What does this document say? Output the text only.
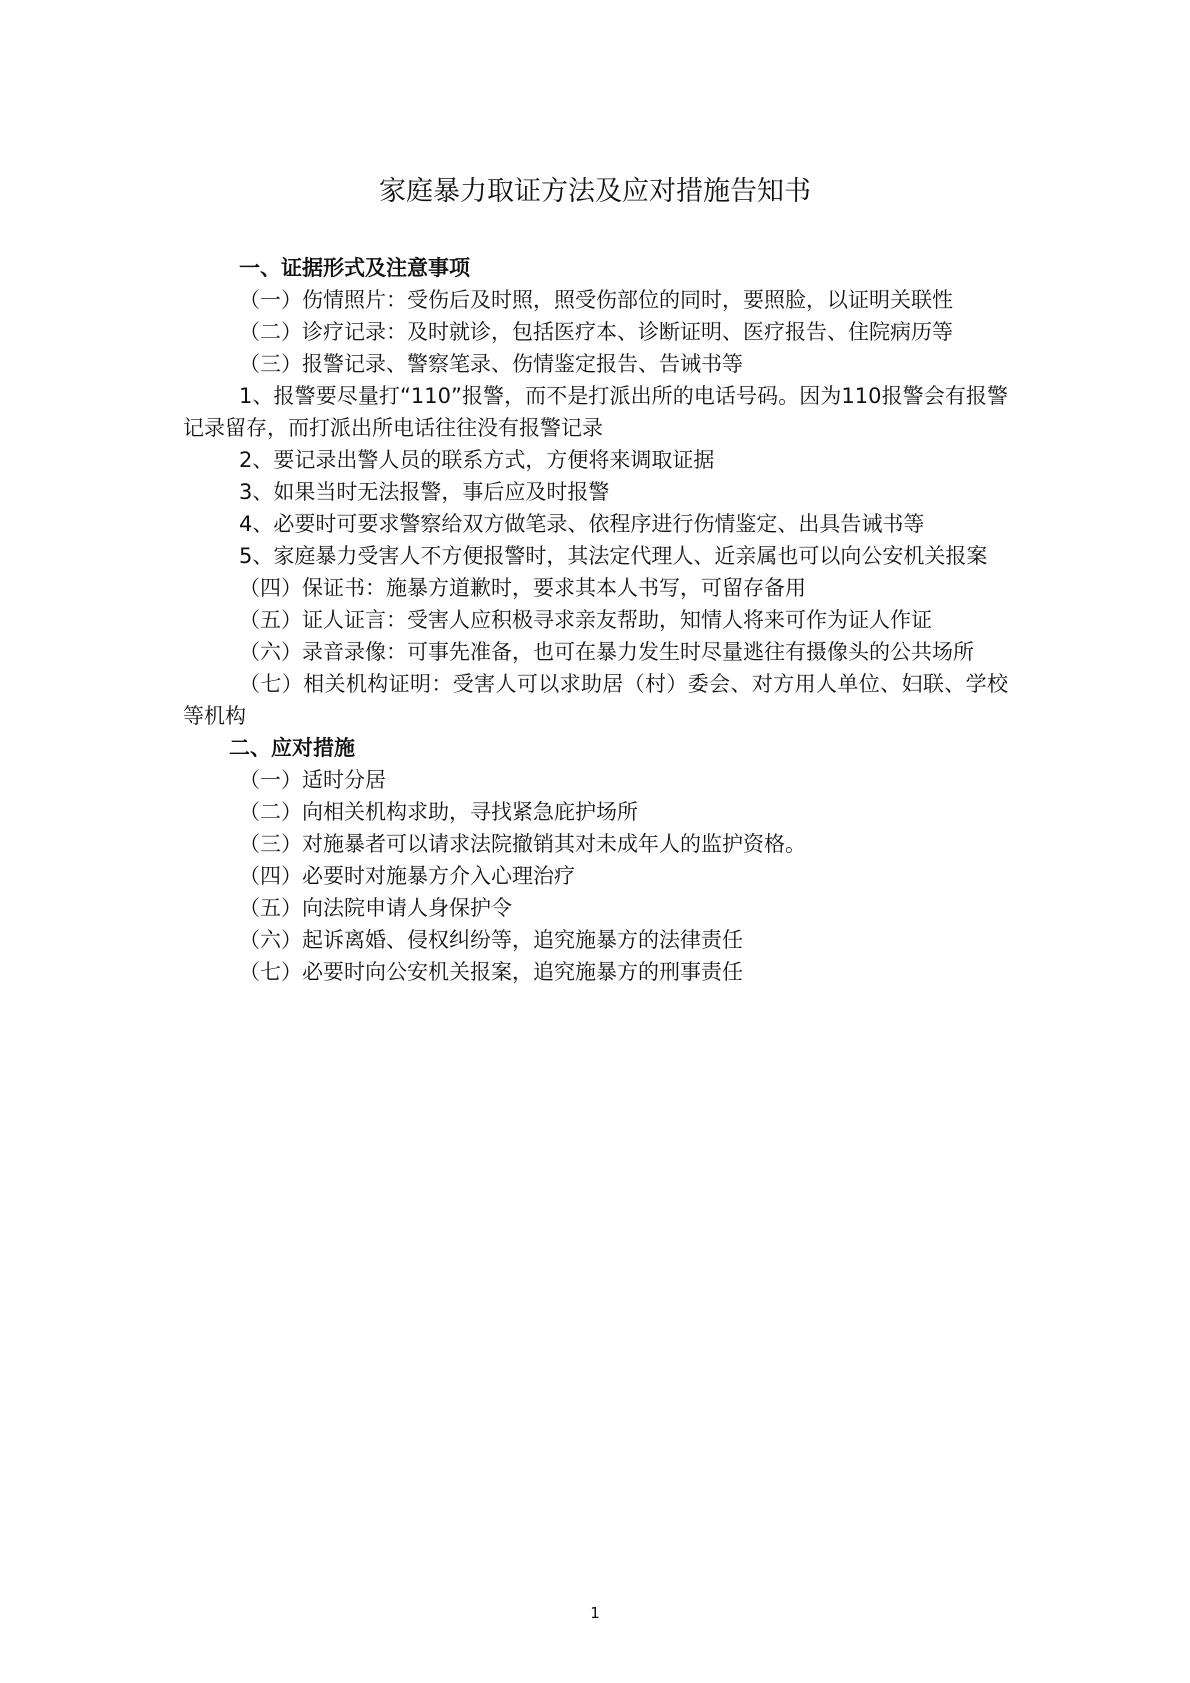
家庭暴力取证方法及应对措施告知书

一、证据形式及注意事项

（一）伤情照片：受伤后及时照，照受伤部位的同时，要照脸，以证明关联性

（二）诊疗记录：及时就诊，包括医疗本、诊断证明、医疗报告、住院病历等

（三）报警记录、警察笔录、伤情鉴定报告、告诫书等

1、报警要尽量打“110”报警，而不是打派出所的电话号码。因为110报警会有报警记录留存，而打派出所电话往往没有报警记录

2、要记录出警人员的联系方式，方便将来调取证据

3、如果当时无法报警，事后应及时报警

4、必要时可要求警察给双方做笔录、依程序进行伤情鉴定、出具告诫书等

5、家庭暴力受害人不方便报警时，其法定代理人、近亲属也可以向公安机关报案

（四）保证书：施暴方道歉时，要求其本人书写，可留存备用

（五）证人证言：受害人应积极寻求亲友帮助，知情人将来可作为证人作证

（六）录音录像：可事先准备，也可在暴力发生时尽量逃往有摄像头的公共场所

（七）相关机构证明：受害人可以求助居（村）委会、对方用人单位、妇联、学校等机构

二、应对措施

（一）适时分居

（二）向相关机构求助，寻找紧急庇护场所

（三）对施暴者可以请求法院撤销其对未成年人的监护资格。

（四）必要时对施暴方介入心理治疗

（五）向法院申请人身保护令

（六）起诉离婚、侵权纠纷等，追究施暴方的法律责任

（七）必要时向公安机关报案，追究施暴方的刑事责任

1
